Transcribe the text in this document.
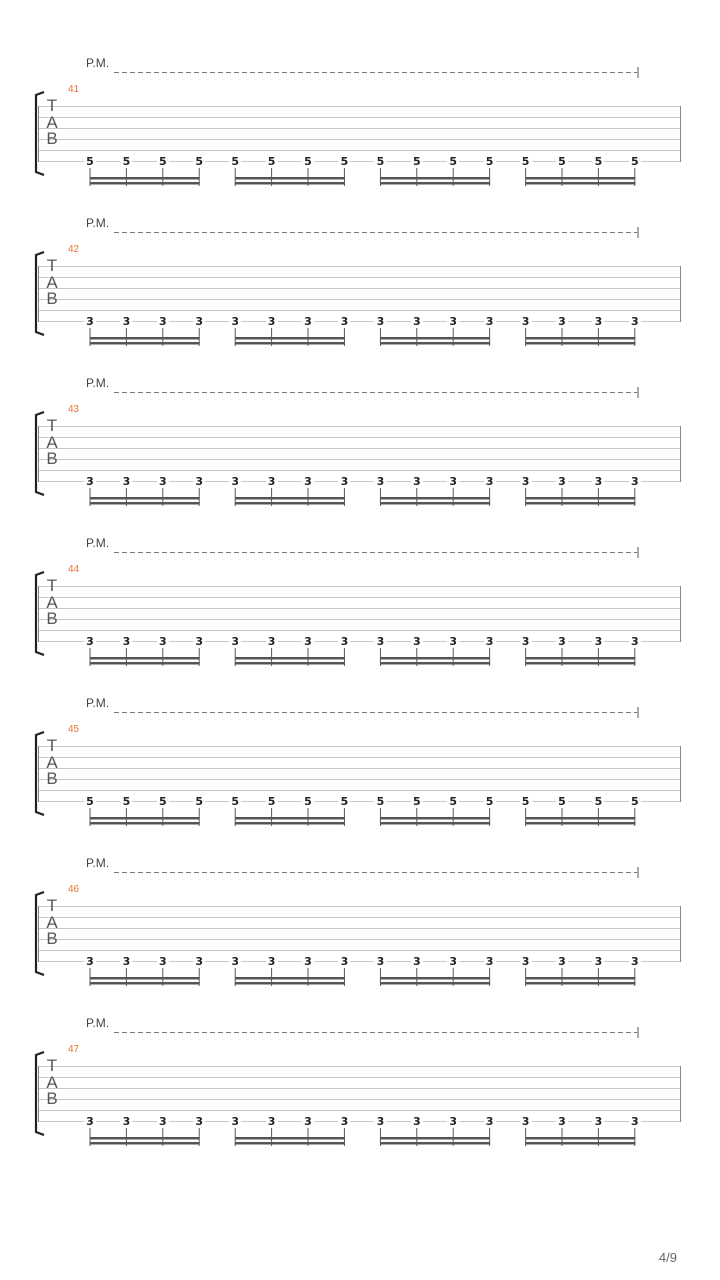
P.M.
41
T
A
B
5	5	5	5	5	5	5	5	5	5	5	5	5	5	5	5
P.M.
42
T
A
B
3	3	3	3	3	3	3	3	3	3	3	3	3	3	3	3
P.M.
43
T
A
B
3	3	3	3	3	3	3	3	3	3	3	3	3	3	3	3
P.M.
44
T
A
B
3	3	3	3	3	3	3	3	3	3	3	3	3	3	3	3
P.M.
45
T
A
B
5	5	5	5	5	5	5	5	5	5	5	5	5	5	5	5
P.M.
46
T
A
B
3	3	3	3	3	3	3	3	3	3	3	3	3	3	3	3
P.M.
47
T
A
B
3	3	3	3	3	3	3	3	3	3	3	3	3	3	3	3
4/9
